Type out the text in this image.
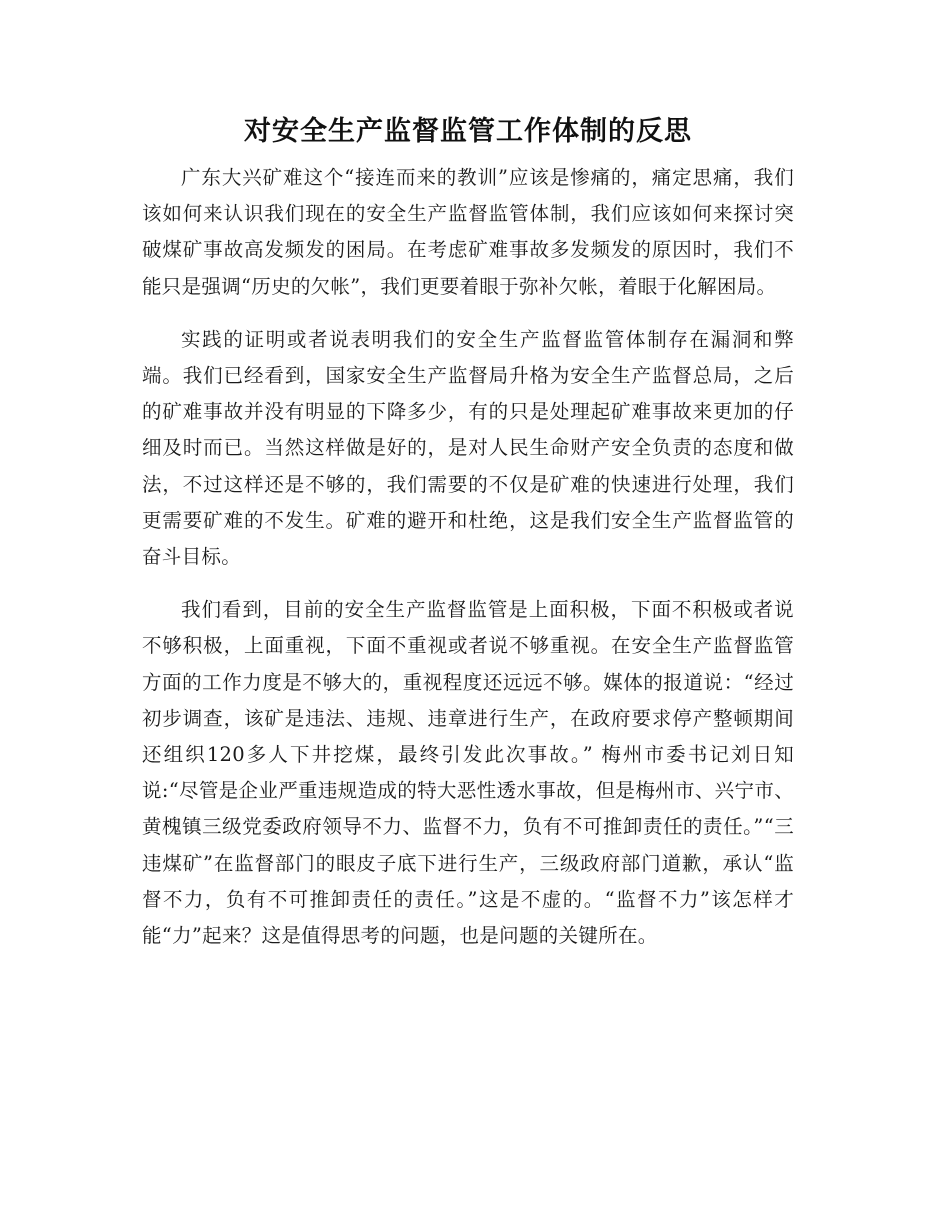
对安全生产监督监管工作体制的反思

广东大兴矿难这个“接连而来的教训”应该是惨痛的，痛定思痛，我们该如何来认识我们现在的安全生产监督监管体制，我们应该如何来探讨突破煤矿事故高发频发的困局。在考虑矿难事故多发频发的原因时，我们不能只是强调“历史的欠帐”，我们更要着眼于弥补欠帐，着眼于化解困局。

实践的证明或者说表明我们的安全生产监督监管体制存在漏洞和弊端。我们已经看到，国家安全生产监督局升格为安全生产监督总局，之后的矿难事故并没有明显的下降多少，有的只是处理起矿难事故来更加的仔细及时而已。当然这样做是好的，是对人民生命财产安全负责的态度和做法，不过这样还是不够的，我们需要的不仅是矿难的快速进行处理，我们更需要矿难的不发生。矿难的避开和杜绝，这是我们安全生产监督监管的奋斗目标。

我们看到，目前的安全生产监督监管是上面积极，下面不积极或者说不够积极，上面重视，下面不重视或者说不够重视。在安全生产监督监管方面的工作力度是不够大的，重视程度还远远不够。媒体的报道说：“经过初步调查，该矿是违法、违规、违章进行生产，在政府要求停产整顿期间还组织120多人下井挖煤，最终引发此次事故。” 梅州市委书记刘日知说:“尽管是企业严重违规造成的特大恶性透水事故，但是梅州市、兴宁市、黄槐镇三级党委政府领导不力、监督不力，负有不可推卸责任的责任。”“三违煤矿”在监督部门的眼皮子底下进行生产，三级政府部门道歉，承认“监督不力，负有不可推卸责任的责任。”这是不虚的。“监督不力”该怎样才能“力”起来？这是值得思考的问题，也是问题的关键所在。
